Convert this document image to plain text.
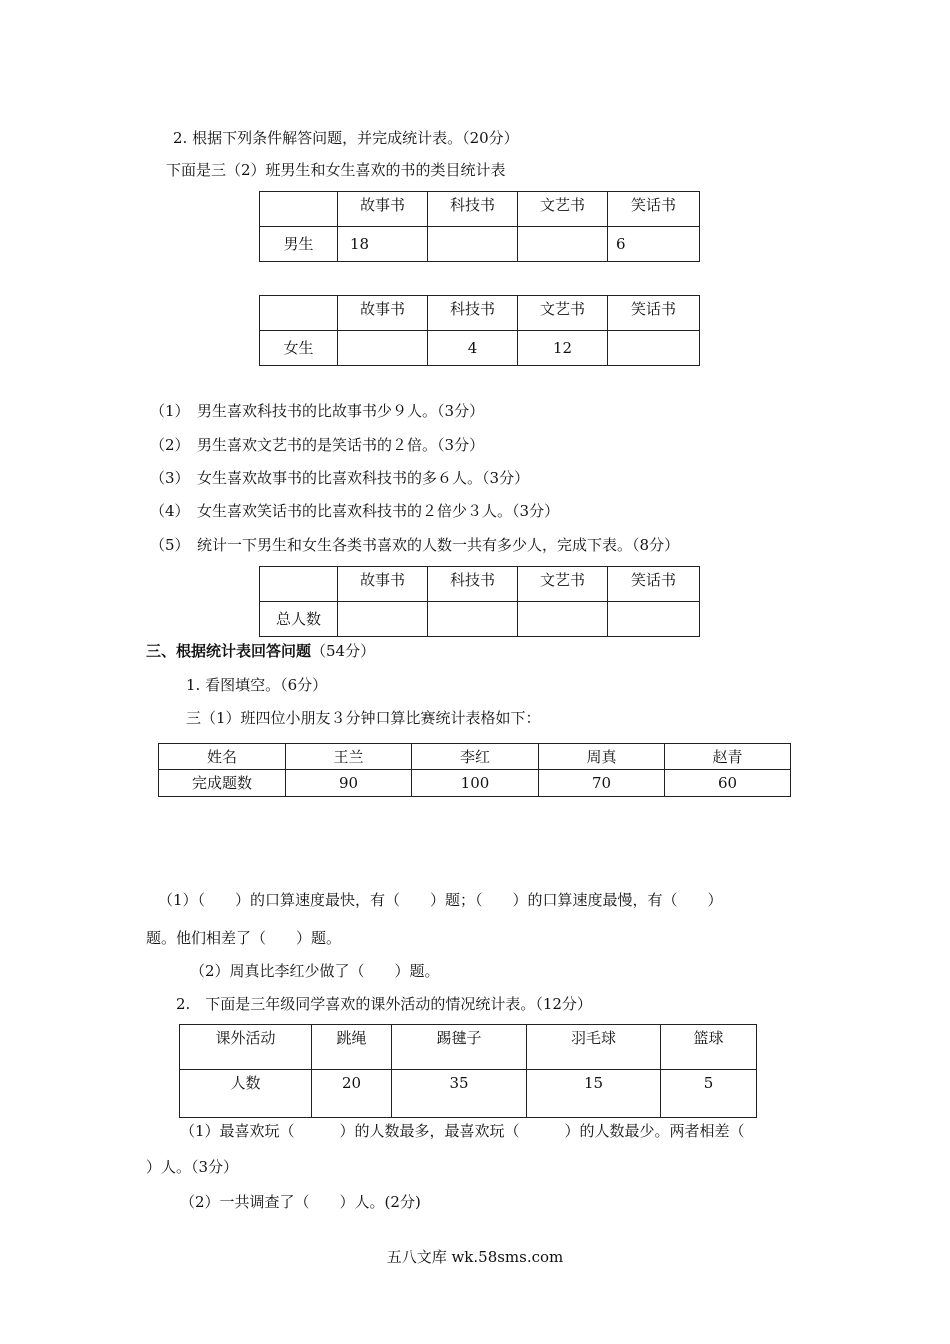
2. 根据下列条件解答问题，并完成统计表。（20分）
下面是三（2）班男生和女生喜欢的书的类目统计表
	故事书	科技书	文艺书	笑话书
男生	18			6
	故事书	科技书	文艺书	笑话书
女生		4	12	
（1）　男生喜欢科技书的比故事书少９人。（3分）
（2）　男生喜欢文艺书的是笑话书的２倍。（3分）
（3）　女生喜欢故事书的比喜欢科技书的多６人。（3分）
（4）　女生喜欢笑话书的比喜欢科技书的２倍少３人。（3分）
（5）　统计一下男生和女生各类书喜欢的人数一共有多少人，完成下表。（8分）
	故事书	科技书	文艺书	笑话书
总人数				
三、根据统计表回答问题（54分）
1. 看图填空。（6分）
三（1）班四位小朋友３分钟口算比赛统计表格如下：
姓名	王兰	李红	周真	赵青
完成题数	90	100	70	60
（1）（　　）的口算速度最快，有（　　）题；（　　）的口算速度最慢，有（　　）
题。他们相差了（　　）题。
（2）周真比李红少做了（　　）题。
2.　下面是三年级同学喜欢的课外活动的情况统计表。（12分）
课外活动	跳绳	踢毽子	羽毛球	篮球
人数	20	35	15	5
（1）最喜欢玩（　　　）的人数最多，最喜欢玩（　　　）的人数最少。两者相差（
）人。（3分）
（2）一共调查了（　　）人。(2分)
五八文库 wk.58sms.com
